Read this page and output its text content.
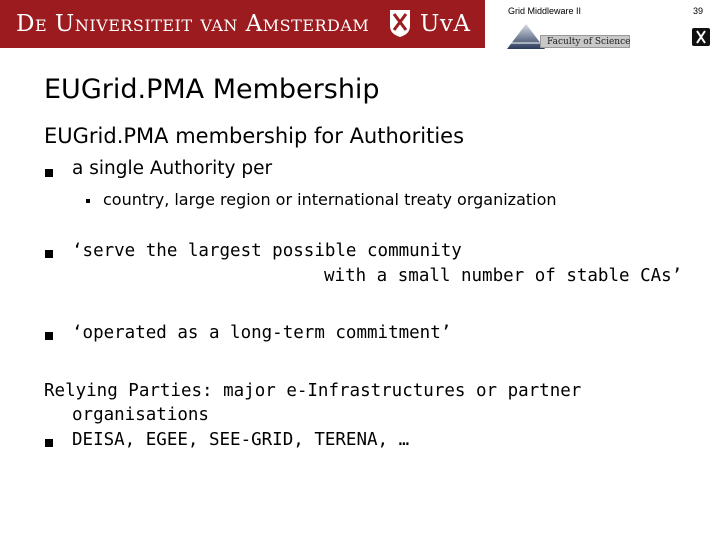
De Universiteit van Amsterdam UvA	Grid Middleware II	39
Faculty of Science
EUGrid.PMA Membership
EUGrid.PMA membership for Authorities
a single Authority per
country, large region or international treaty organization
‘serve the largest possible community
with a small number of stable CAs’
‘operated as a long-term commitment’
Relying Parties: major e-Infrastructures or partner
organisations
DEISA, EGEE, SEE-GRID, TERENA, …
